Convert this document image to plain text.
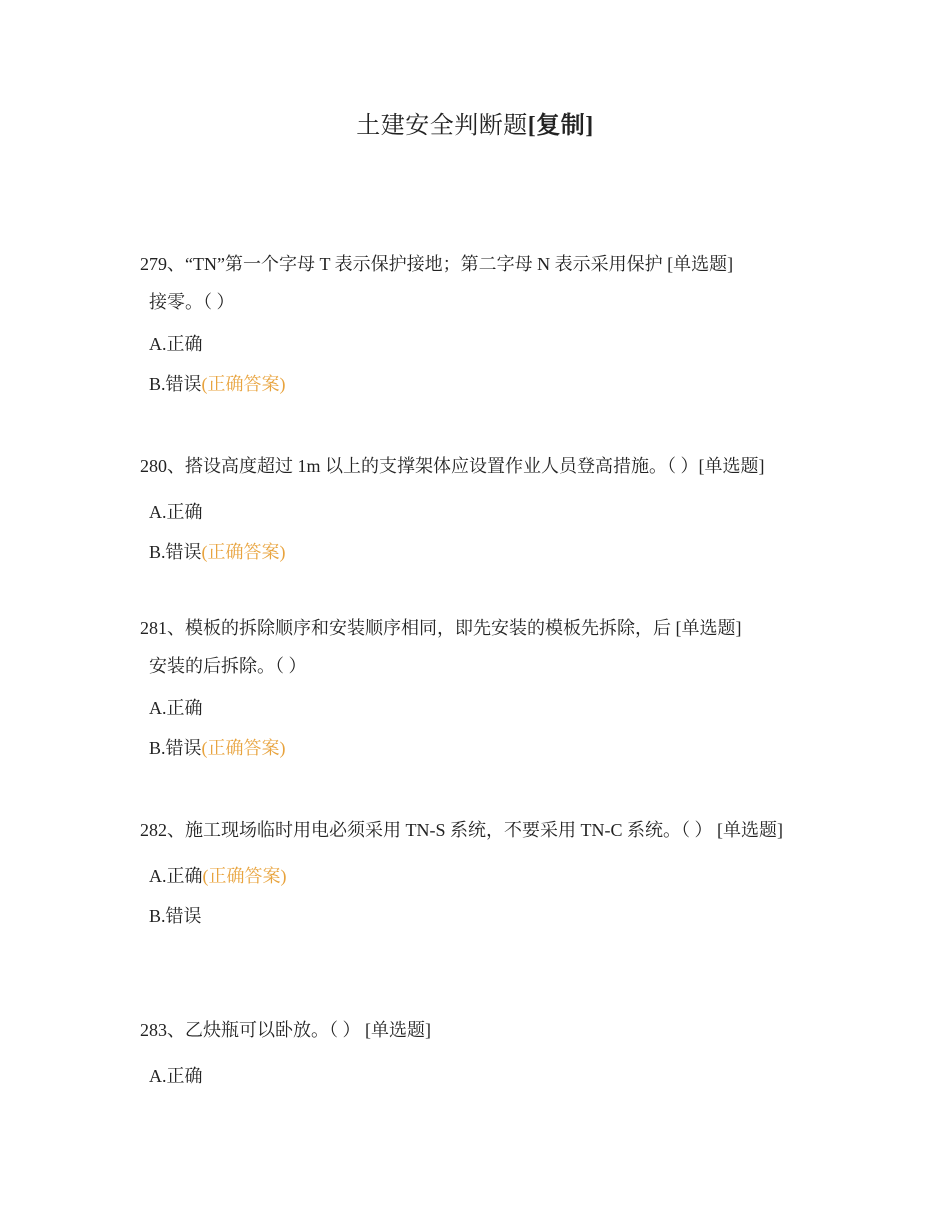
土建安全判断题[复制]

279、“TN”第一个字母 T 表示保护接地；第二字母 N 表示采用保护 [单选题]

接零。（ ）

A.正确

B.错误(正确答案)

280、搭设高度超过 1m 以上的支撑架体应设置作业人员登高措施。（ ）[单选题]

A.正确

B.错误(正确答案)

281、模板的拆除顺序和安装顺序相同，即先安装的模板先拆除，后 [单选题]

安装的后拆除。（ ）

A.正确

B.错误(正确答案)

282、施工现场临时用电必须采用 TN-S 系统，不要采用 TN-C 系统。（ ） [单选题]

A.正确(正确答案)

B.错误

283、乙炔瓶可以卧放。（ ） [单选题]

A.正确
